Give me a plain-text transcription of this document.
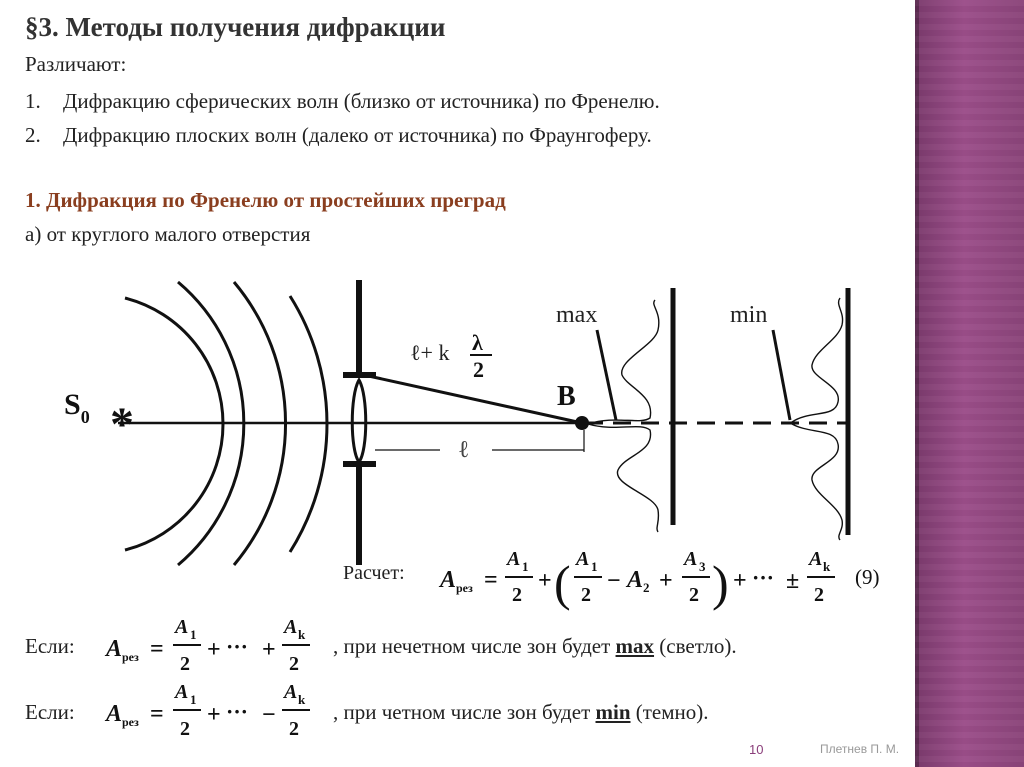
§3. Методы получения дифракции
Различают:
1. Дифракцию сферических волн (близко от источника) по Френелю.
2. Дифракцию плоских волн (далеко от источника) по Фраунгоферу.
1. Дифракция по Френелю от простейших преград
а) от круглого малого отверстия
$S_0$ *
B
max	min
ℓ+ k λ
2
ℓ
A рез =
A 1
2
+ ( A 1
2
− A 2 +
A 3
2 ) + ··· ±
A k
2
(9)
A рез =
A 1
2
+ ··· +
A k
2
A рез =
A 1
2
+ ··· −
A k
2
Расчет:
Если:	, при нечетном числе зон будет max (светло).
Если:	, при четном числе зон будет min (темно).
10	Плетнев П. М.
